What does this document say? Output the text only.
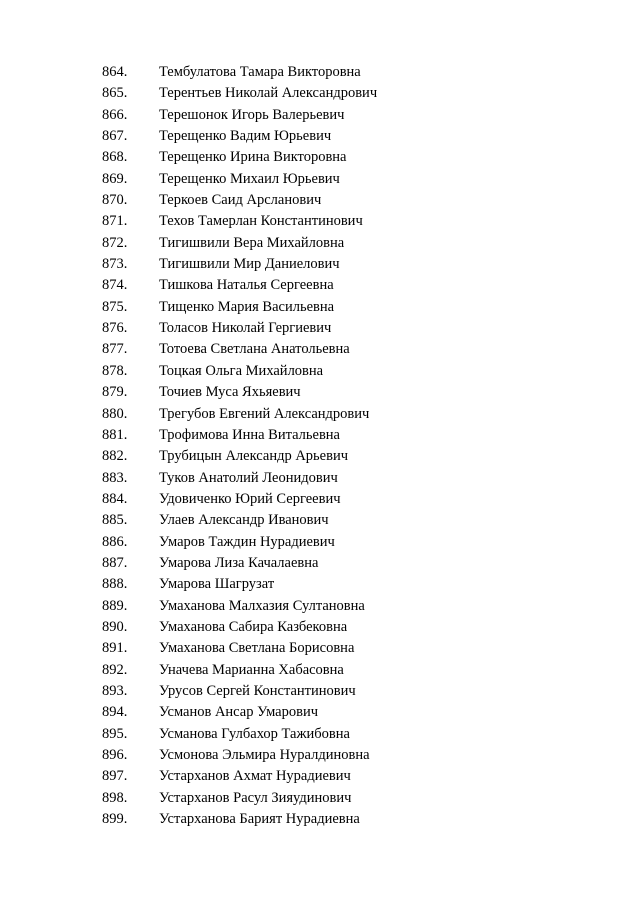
864. Тембулатова Тамара Викторовна
865. Терентьев Николай Александрович
866. Терешонок Игорь Валерьевич
867. Терещенко Вадим Юрьевич
868. Терещенко Ирина Викторовна
869. Терещенко Михаил Юрьевич
870. Теркоев Саид Арсланович
871. Техов Тамерлан Константинович
872. Тигишвили Вера Михайловна
873. Тигишвили Мир Даниелович
874. Тишкова Наталья Сергеевна
875. Тищенко Мария Васильевна
876. Толасов Николай Гергиевич
877. Тотоева Светлана Анатольевна
878. Тоцкая Ольга Михайловна
879. Точиев Муса Яхьяевич
880. Трегубов Евгений Александрович
881. Трофимова Инна Витальевна
882. Трубицын Александр Арьевич
883. Туков Анатолий Леонидович
884. Удовиченко Юрий Сергеевич
885. Улаев Александр Иванович
886. Умаров Таждин Нурадиевич
887. Умарова Лиза Качалаевна
888. Умарова Шагрузат
889. Умаханова Малхазия Султановна
890. Умаханова Сабира Казбековна
891. Умаханова Светлана Борисовна
892. Уначева Марианна Хабасовна
893. Урусов Сергей Константинович
894. Усманов Ансар Умарович
895. Усманова Гулбахор Тажибовна
896. Усмонова Эльмира Нуралдиновна
897. Устарханов Ахмат Нурадиевич
898. Устарханов Расул Зияудинович
899. Устарханова Барият Нурадиевна
